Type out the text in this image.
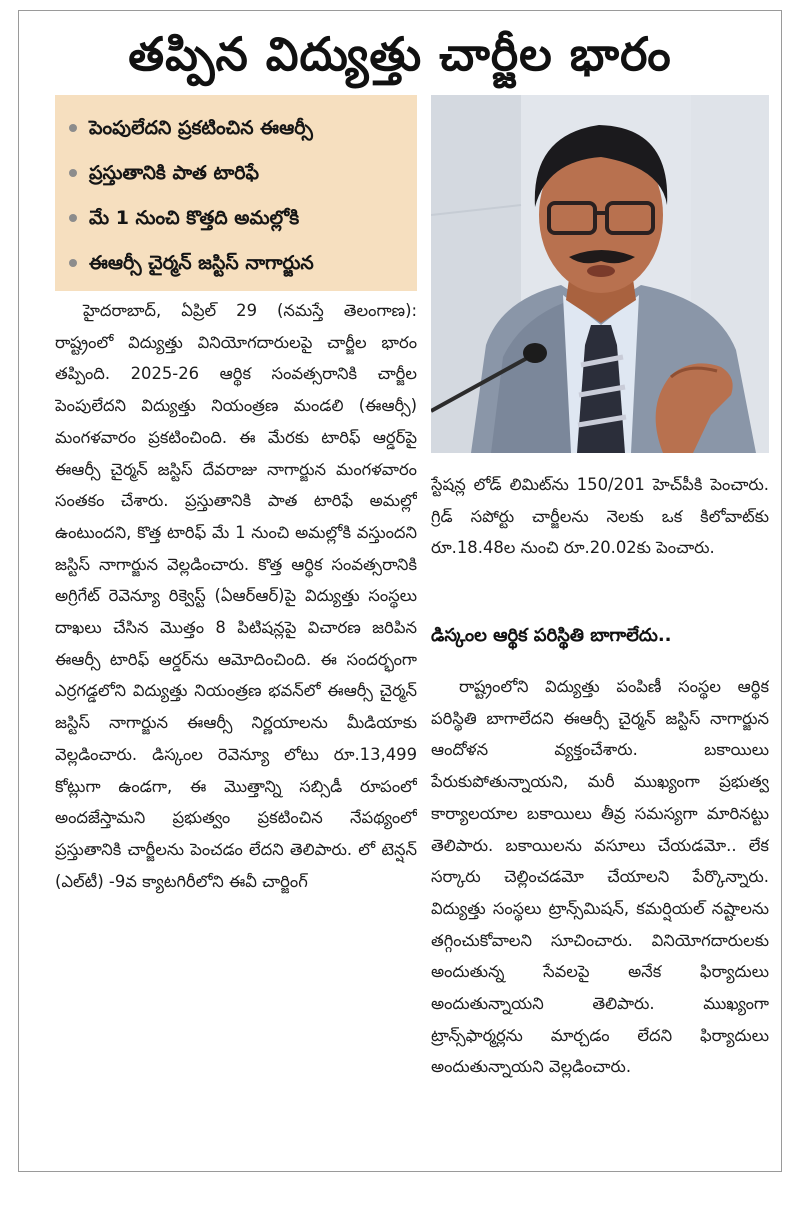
తప్పిన విద్యుత్తు చార్జీల భారం
పెంపులేదని ప్రకటించిన ఈఆర్సీ
ప్రస్తుతానికి పాత టారిఫే
మే 1 నుంచి కొత్తది అమల్లోకి
ఈఆర్సీ చైర్మన్ జస్టిస్ నాగార్జున

హైదరాబాద్, ఏప్రిల్ 29 (నమస్తే తెలంగాణ): రాష్ట్రంలో విద్యుత్తు వినియోగదారులపై చార్జీల భారం తప్పింది. 2025-26 ఆర్థిక సంవత్సరానికి చార్జీల పెంపులేదని విద్యుత్తు నియంత్రణ మండలి (ఈఆర్సీ) మంగళవారం ప్రకటించింది. ఈ మేరకు టారిఫ్ ఆర్డర్‌పై ఈఆర్సీ చైర్మన్ జస్టిస్ దేవరాజు నాగార్జున మంగళవారం సంతకం చేశారు. ప్రస్తుతానికి పాత టారిఫే అమల్లో ఉంటుందని, కొత్త టారిఫ్ మే 1 నుంచి అమల్లోకి వస్తుందని జస్టిస్ నాగార్జున వెల్లడించారు. కొత్త ఆర్థిక సంవత్సరానికి అగ్రిగేట్ రెవెన్యూ రిక్వెస్ట్ (ఏఆర్ఆర్)పై విద్యుత్తు సంస్థలు దాఖలు చేసిన మొత్తం 8 పిటిషన్లపై విచారణ జరిపిన ఈఆర్సీ టారిఫ్ ఆర్డర్‌ను ఆమోదించింది. ఈ సందర్భంగా ఎర్రగడ్డలోని విద్యుత్తు నియంత్రణ భవన్‌లో ఈఆర్సీ చైర్మన్ జస్టిస్ నాగార్జున ఈఆర్సీ నిర్ణయాలను మీడియాకు వెల్లడించారు. డిస్కంల రెవెన్యూ లోటు రూ.13,499 కోట్లుగా ఉండగా, ఈ మొత్తాన్ని సబ్సిడీ రూపంలో అందజేస్తామని ప్రభుత్వం ప్రకటించిన నేపథ్యంలో ప్రస్తుతానికి చార్జీలను పెంచడం లేదని తెలిపారు. లో టెన్షన్ (ఎల్‌టీ) -9వ క్యాటగిరీలోని ఈవీ చార్జింగ్

స్టేషన్ల లోడ్ లిమిట్‌ను 150/201 హెచ్‌పీకి పెంచారు. గ్రిడ్ సపోర్టు చార్జీలను నెలకు ఒక కిలోవాట్‌కు రూ.18.48ల నుంచి రూ.20.02కు పెంచారు.

డిస్కంల ఆర్థిక పరిస్థితి బాగాలేదు..

రాష్ట్రంలోని విద్యుత్తు పంపిణీ సంస్థల ఆర్థిక పరిస్థితి బాగాలేదని ఈఆర్సీ చైర్మన్ జస్టిస్ నాగార్జున ఆందోళన వ్యక్తంచేశారు. బకాయిలు పేరుకుపోతున్నాయని, మరీ ముఖ్యంగా ప్రభుత్వ కార్యాలయాల బకాయిలు తీవ్ర సమస్యగా మారినట్టు తెలిపారు. బకాయిలను వసూలు చేయడమో.. లేక సర్కారు చెల్లించడమో చేయాలని పేర్కొన్నారు. విద్యుత్తు సంస్థలు ట్రాన్స్‌మిషన్, కమర్షియల్ నష్టాలను తగ్గించుకోవాలని సూచించారు. వినియోగదారులకు అందుతున్న సేవలపై అనేక ఫిర్యాదులు అందుతున్నాయని తెలిపారు. ముఖ్యంగా ట్రాన్స్‌ఫార్మర్లను మార్చడం లేదని ఫిర్యాదులు అందుతున్నాయని వెల్లడించారు.
